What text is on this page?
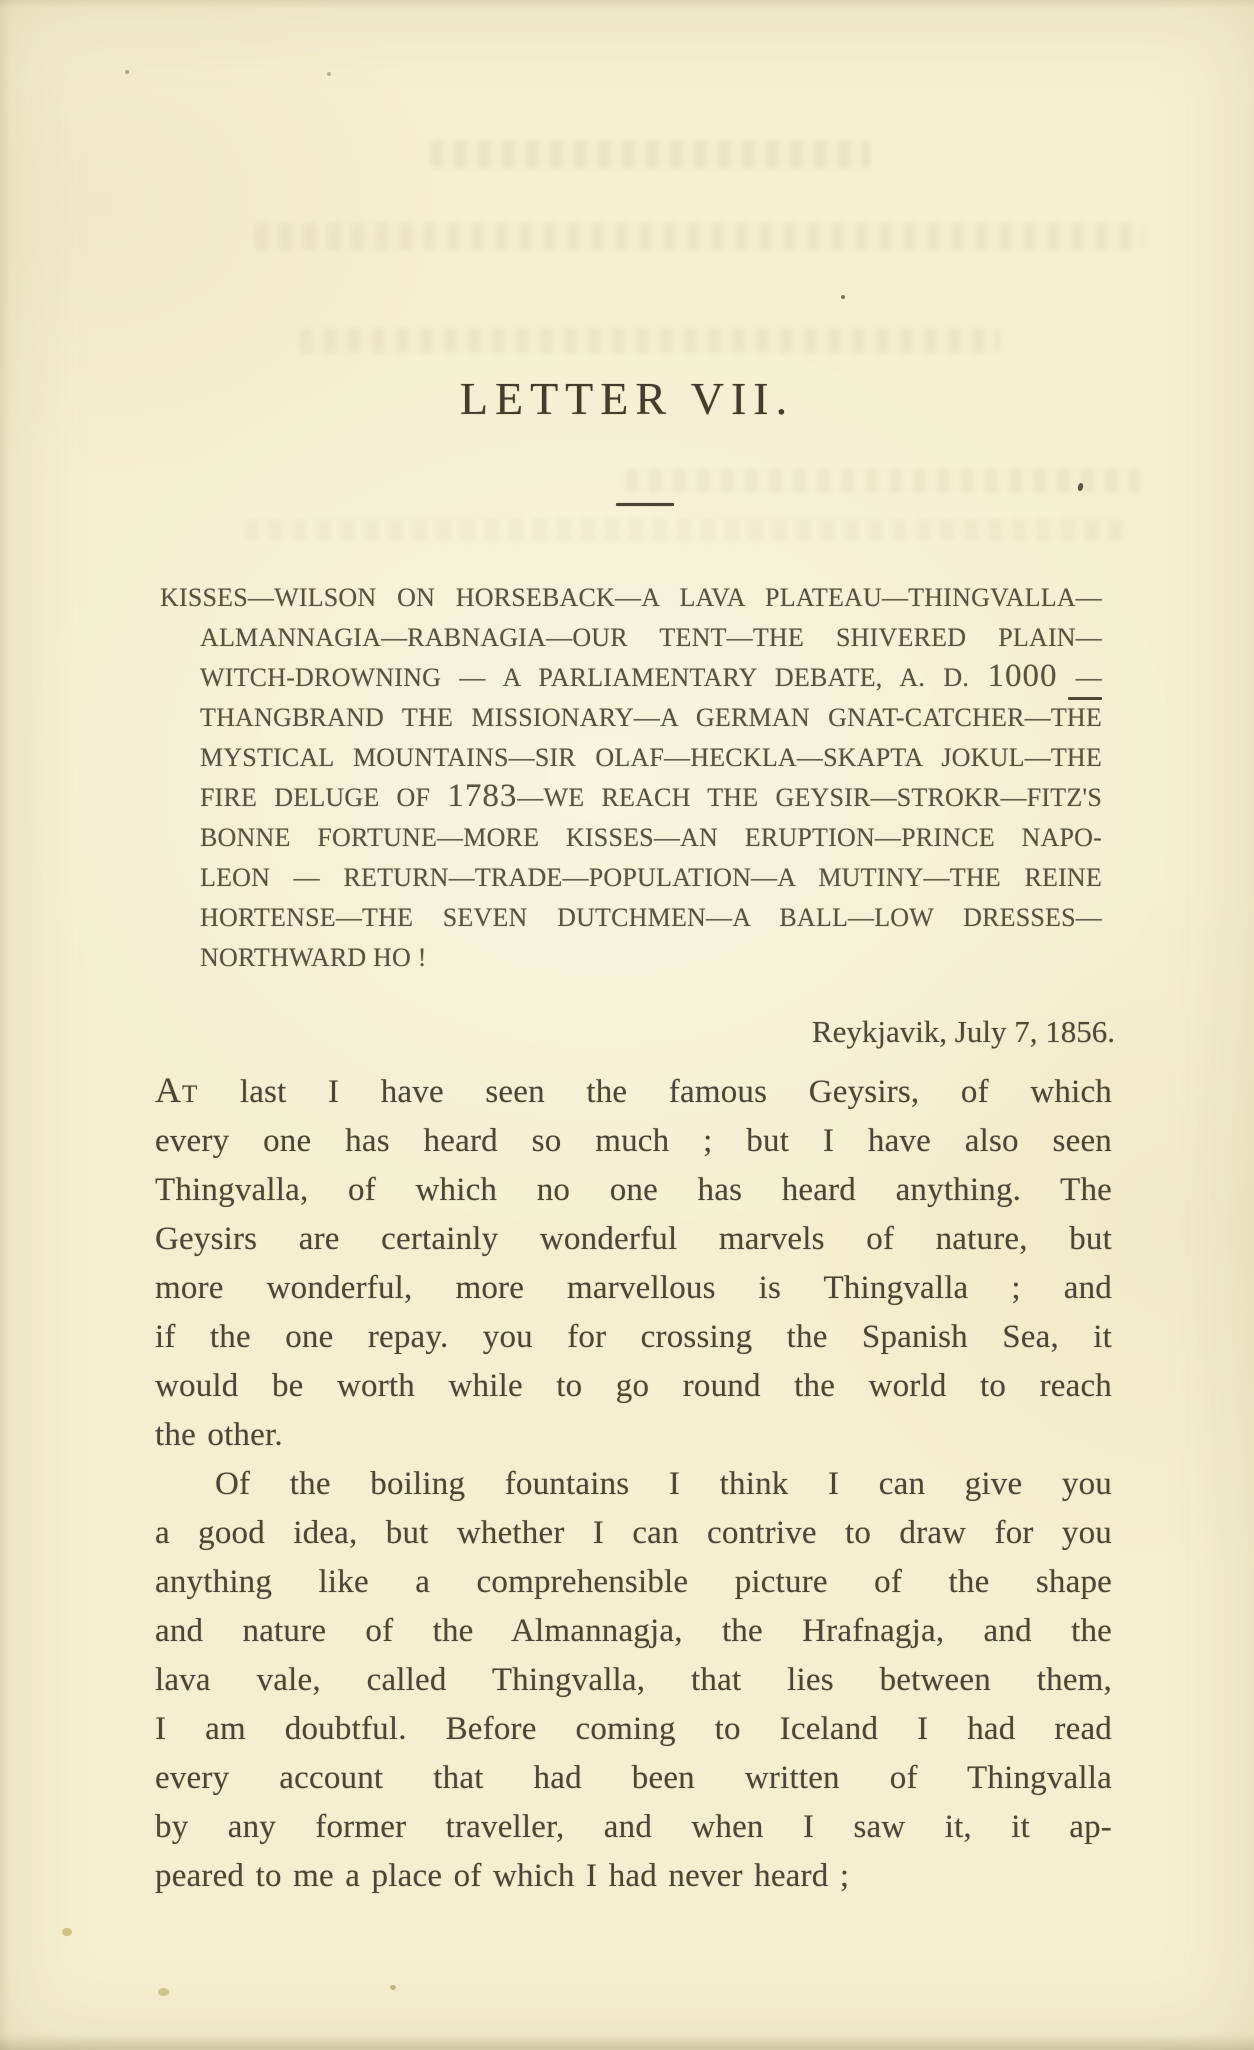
LETTER VII.
KISSES—WILSON ON HORSEBACK—A LAVA PLATEAU—THINGVALLA—
ALMANNAGIA—RABNAGIA—OUR TENT—THE SHIVERED PLAIN—
WITCH-DROWNING — A PARLIAMENTARY DEBATE, A. D. 1000 —
THANGBRAND THE MISSIONARY—A GERMAN GNAT-CATCHER—THE
MYSTICAL MOUNTAINS—SIR OLAF—HECKLA—SKAPTA JOKUL—THE
FIRE DELUGE OF 1783—WE REACH THE GEYSIR—STROKR—FITZ'S
BONNE FORTUNE—MORE KISSES—AN ERUPTION—PRINCE NAPO-
LEON — RETURN—TRADE—POPULATION—A MUTINY—THE REINE
HORTENSE—THE SEVEN DUTCHMEN—A BALL—LOW DRESSES—
NORTHWARD HO !
Reykjavik, July 7, 1856.
At last I have seen the famous Geysirs, of which
every one has heard so much ; but I have also seen
Thingvalla, of which no one has heard anything. The
Geysirs are certainly wonderful marvels of nature, but
more wonderful, more marvellous is Thingvalla ; and
if the one repay. you for crossing the Spanish Sea, it
would be worth while to go round the world to reach
the other.
Of the boiling fountains I think I can give you
a good idea, but whether I can contrive to draw for you
anything like a comprehensible picture of the shape
and nature of the Almannagja, the Hrafnagja, and the
lava vale, called Thingvalla, that lies between them,
I am doubtful. Before coming to Iceland I had read
every account that had been written of Thingvalla
by any former traveller, and when I saw it, it ap-
peared to me a place of which I had never heard ;
